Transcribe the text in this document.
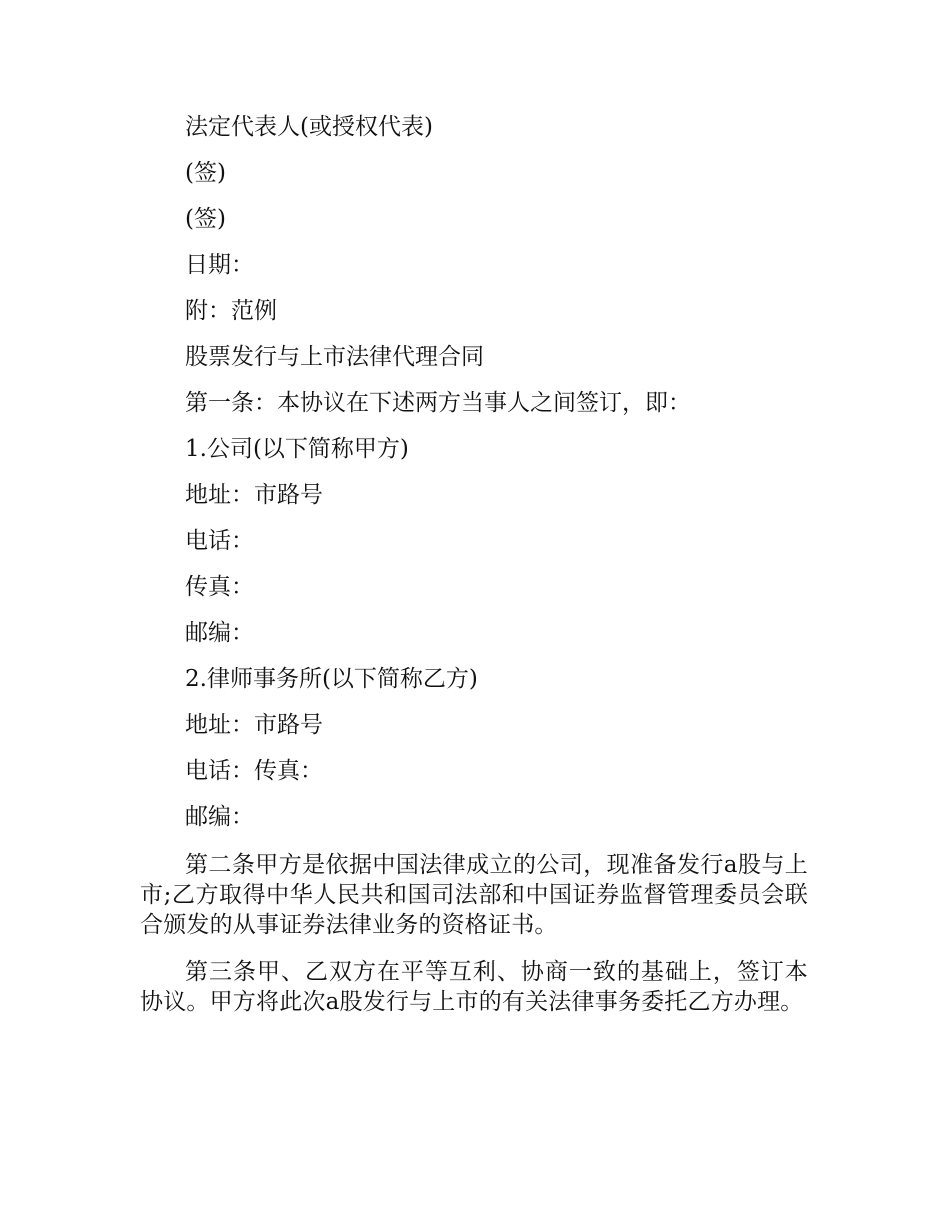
法定代表人(或授权代表)

(签)

(签)

日期：

附：范例

股票发行与上市法律代理合同

第一条：本协议在下述两方当事人之间签订，即：

1.公司(以下简称甲方)

地址：市路号

电话：

传真：

邮编：

2.律师事务所(以下简称乙方)

地址：市路号

电话：传真：

邮编：

第二条甲方是依据中国法律成立的公司，现准备发行a股与上市;乙方取得中华人民共和国司法部和中国证券监督管理委员会联合颁发的从事证券法律业务的资格证书。

第三条甲、乙双方在平等互利、协商一致的基础上，签订本协议。甲方将此次a股发行与上市的有关法律事务委托乙方办理。
